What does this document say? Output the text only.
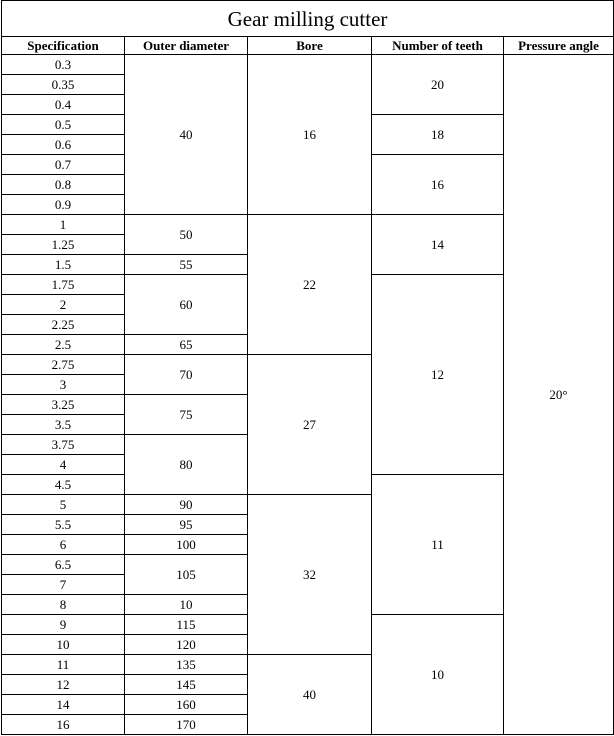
Gear milling cutter				
Specification	Outer diameter	Bore	Number of teeth	Pressure angle
0.3	40	16	20	20°
0.35				
0.4				
0.5			18	
0.6				
0.7			16	
0.8				
0.9				
1	50	22	14	
1.25				
1.5	55			
1.75	60		12	
2				
2.25				
2.5	65			
2.75	70	27		
3				
3.25	75			
3.5				
3.75	80			
4				
4.5			11	
5	90	32		
5.5	95			
6	100			
6.5	105			
7				
8	10			
9	115		10	
10	120			
11	135	40		
12	145			
14	160			
16	170			
